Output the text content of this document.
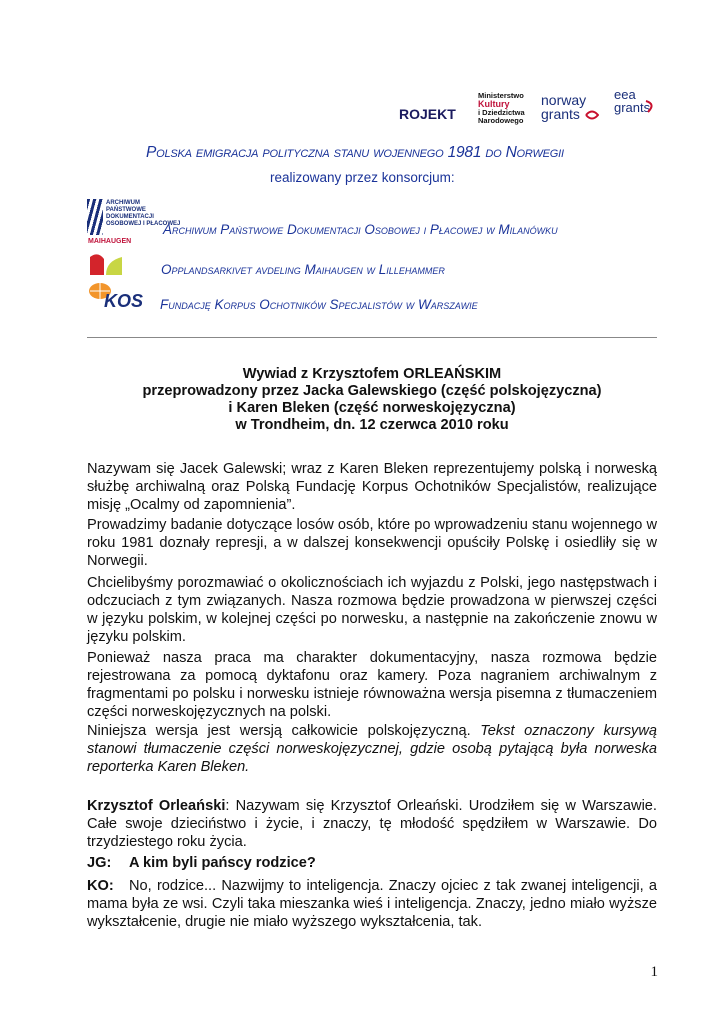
ROJEKT
Ministerstwo
Kultury
i Dziedzictwa
Narodowego
norway
grants
eea
grants
Polska emigracja polityczna stanu wojennego 1981 do Norwegii
realizowany przez konsorcjum:
ARCHIWUM
PAŃSTWOWE
DOKUMENTACJI
OSOBOWEJ I PŁACOWEJ
MAIHAUGEN
KOS
Archiwum Państwowe Dokumentacji Osobowej i Płacowej w Milanówku
Opplandsarkivet avdeling Maihaugen w Lillehammer
Fundację Korpus Ochotników Specjalistów w Warszawie
Wywiad z Krzysztofem ORLEAŃSKIM
przeprowadzony przez Jacka Galewskiego (część polskojęzyczna)
i Karen Bleken (część norweskojęzyczna)
w Trondheim, dn. 12 czerwca 2010 roku
Nazywam się Jacek Galewski; wraz z Karen Bleken reprezentujemy polską i norweską służbę archiwalną oraz Polską Fundację Korpus Ochotników Specjalistów, realizujące misję „Ocalmy od zapomnienia”.
Prowadzimy badanie dotyczące losów osób, które po wprowadzeniu stanu wojennego w roku 1981 doznały represji, a w dalszej konsekwencji opuściły Polskę i osiedliły się w Norwegii.
Chcielibyśmy porozmawiać o okolicznościach ich wyjazdu z Polski, jego następstwach i odczuciach z tym związanych. Nasza rozmowa będzie prowadzona w pierwszej części w języku polskim, w kolejnej części po norwesku, a następnie na zakończenie znowu w języku polskim.
Ponieważ nasza praca ma charakter dokumentacyjny, nasza rozmowa będzie rejestrowana za pomocą dyktafonu oraz kamery. Poza nagraniem archiwalnym z fragmentami po polsku i norwesku istnieje równoważna wersja pisemna z tłumaczeniem części norweskojęzycznych na polski.
Niniejsza wersja jest wersją całkowicie polskojęzyczną. Tekst oznaczony kursywą stanowi tłumaczenie części norweskojęzycznej, gdzie osobą pytającą była norweska reporterka Karen Bleken.
Krzysztof Orleański: Nazywam się Krzysztof Orleański. Urodziłem się w Warszawie. Całe swoje dzieciństwo i życie, i znaczy, tę młodość spędziłem w Warszawie. Do trzydziestego roku życia.
JG: A kim byli pańscy rodzice?
KO: No, rodzice... Nazwijmy to inteligencja. Znaczy ojciec z tak zwanej inteligencji, a mama była ze wsi. Czyli taka mieszanka wieś i inteligencja. Znaczy, jedno miało wyższe wykształcenie, drugie nie miało wyższego wykształcenia, tak.
1
